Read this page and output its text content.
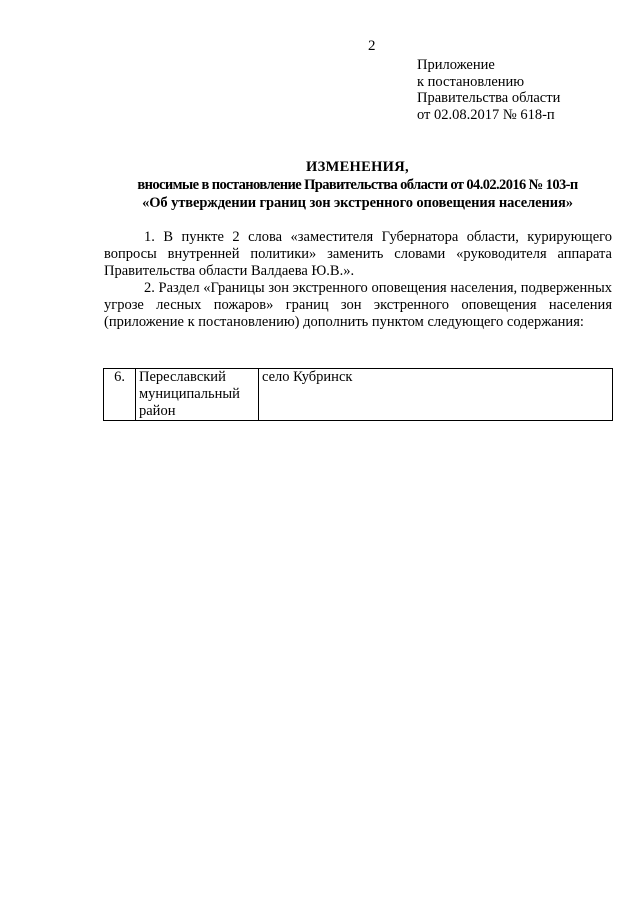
2
Приложение
к постановлению
Правительства области
от 02.08.2017 № 618-п
ИЗМЕНЕНИЯ,
вносимые в постановление Правительства области от 04.02.2016 № 103-п
«Об утверждении границ зон экстренного оповещения населения»

1. В пункте 2 слова «заместителя Губернатора области, курирующего вопросы внутренней политики» заменить словами «руководителя аппарата Правительства области Валдаева Ю.В.».

2. Раздел «Границы зон экстренного оповещения населения, подверженных угрозе лесных пожаров» границ зон экстренного оповещения населения (приложение к постановлению) дополнить пунктом следующего содержания:

6.	Переславский муниципальный район	село Кубринск
